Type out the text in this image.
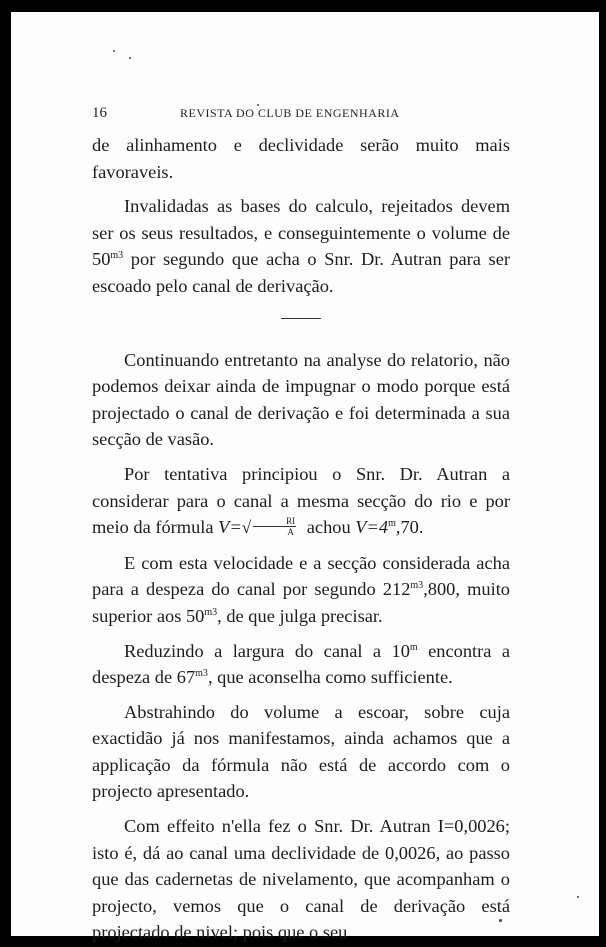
16	REVISTA DO CLUB DE ENGENHARIA

de alinhamento e declividade serão muito mais favoraveis.

Invalidadas as bases do calculo, rejeitados devem ser os seus resultados, e conseguintemente o volume de $50^{m3}$ por segundo que acha o Snr. Dr. Autran para ser escoado pelo canal de derivação.

Continuando entretanto na analyse do relatorio, não podemos deixar ainda de impugnar o modo porque está projectado o canal de derivação e foi determinada a sua secção de vasão.

Por tentativa principiou o Snr. Dr. Autran a considerar para o canal a mesma secção do rio e por meio da fórmula $V=√ \frac{RI}{A}$ achou $V=4^m,70$.

E com esta velocidade e a secção considerada acha para a despeza do canal por segundo $212^{m3},800$, muito superior aos $50^{m3}$, de que julga precisar.

Reduzindo a largura do canal a 10$^m$ encontra a despeza de $67^{m3}$, que aconselha como sufficiente.

Abstrahindo do volume a escoar, sobre cuja exactidão já nos manifestamos, ainda achamos que a applicação da fórmula não está de accordo com o projecto apresentado.

Com effeito n'ella fez o Snr. Dr. Autran I=0,0026; isto é, dá ao canal uma declividade de 0,0026, ao passo que das cadernetas de nivelamento, que acompanham o projecto, vemos que o canal de derivação está projectado de nivel; pois que o seu
